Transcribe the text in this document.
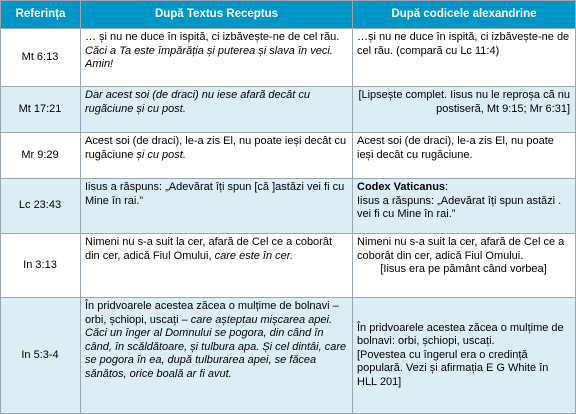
Referința	După Textus Receptus	După codicele alexandrine
Mt 6:13	… și nu ne duce în ispită, ci izbăvește-ne de cel rău. Căci a Ta este împărăția și puterea și slava în veci. Amin!	…și nu ne duce în ispită, ci izbăvește-ne de cel rău. (comparã cu Lc 11:4)
Mt 17:21	Dar acest soi (de draci) nu iese afarã decât cu rugãciune și cu post.	[Lipsește complet. Iisus nu le reproșa cã nu postiserã, Mt 9:15; Mr 6:31]
Mr 9:29	Acest soi (de draci), le-a zis El, nu poate ieși decât cu rugăciune și cu post.	Acest soi (de draci), le-a zis El, nu poate ieși decât cu rugăciune.
Lc 23:43	Iisus a răspuns: „Adevărat îți spun [că ]astăzi vei fi cu Mine în rai.”	Codex Vaticanus:
Iisus a răspuns: „Adevărat îți spun astăzi . vei fi cu Mine în rai.”

In 3:13	Nimeni nu s-a suit la cer, afară de Cel ce a coborât din cer, adică Fiul Omului, care este în cer.	Nimeni nu s-a suit la cer, afară de Cel ce a coborât din cer, adică Fiul Omului.
[Iisus era pe pământ când vorbea]

In 5:3-4	În pridvoarele acestea zăcea o mulțime de bolnavi – orbi, șchiopi, uscați – care așteptau mișcarea apei. Căci un înger al Domnului se pogora, din când în când, în scăldătoare, și tulbura apa. Și cel dintâi, care se pogora în ea, după tulburarea apei, se făcea sănătos, orice boală ar fi avut.	În pridvoarele acestea zăcea o mulțime de bolnavi: orbi, șchiopi, uscați.
[Povestea cu îngerul era o credință populară. Vezi și afirmația E G White în HLL 201]
